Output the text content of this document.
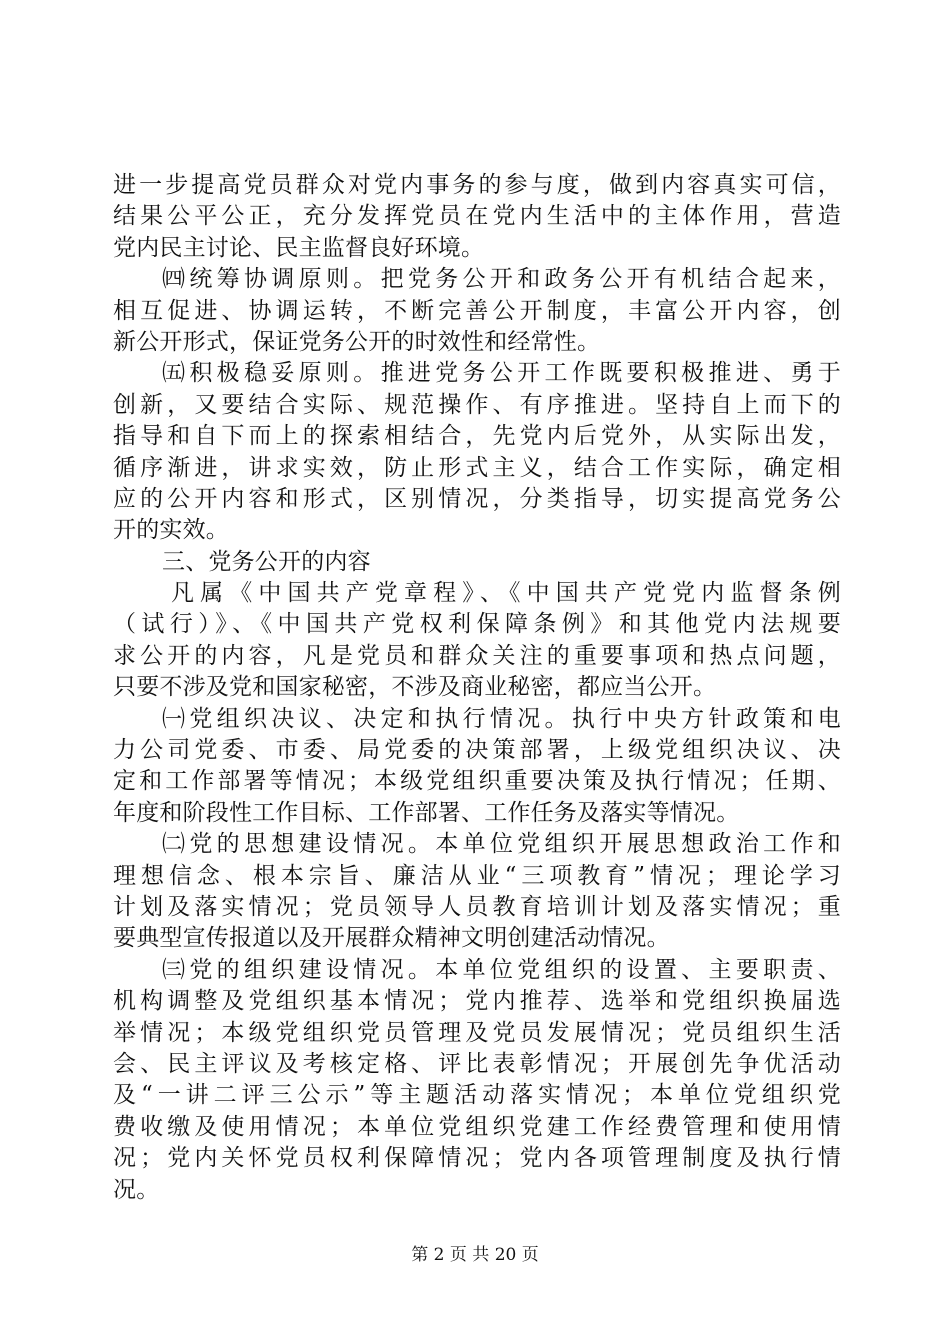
进一步提高党员群众对党内事务的参与度，做到内容真实可信，
结果公平公正，充分发挥党员在党内生活中的主体作用，营造
党内民主讨论、民主监督良好环境。
㈣统筹协调原则。把党务公开和政务公开有机结合起来，
相互促进、协调运转，不断完善公开制度，丰富公开内容，创
新公开形式，保证党务公开的时效性和经常性。
㈤积极稳妥原则。推进党务公开工作既要积极推进、勇于
创新，又要结合实际、规范操作、有序推进。坚持自上而下的
指导和自下而上的探索相结合，先党内后党外，从实际出发，
循序渐进，讲求实效，防止形式主义，结合工作实际，确定相
应的公开内容和形式，区别情况，分类指导，切实提高党务公
开的实效。
三、党务公开的内容
凡属《中国共产党章程》、《中国共产党党内监督条例
（试行）》、《中国共产党权利保障条例》和其他党内法规要
求公开的内容，凡是党员和群众关注的重要事项和热点问题，
只要不涉及党和国家秘密，不涉及商业秘密，都应当公开。
㈠党组织决议、决定和执行情况。执行中央方针政策和电
力公司党委、市委、局党委的决策部署，上级党组织决议、决
定和工作部署等情况；本级党组织重要决策及执行情况；任期、
年度和阶段性工作目标、工作部署、工作任务及落实等情况。
㈡党的思想建设情况。本单位党组织开展思想政治工作和
理想信念、根本宗旨、廉洁从业“三项教育”情况；理论学习
计划及落实情况；党员领导人员教育培训计划及落实情况；重
要典型宣传报道以及开展群众精神文明创建活动情况。
㈢党的组织建设情况。本单位党组织的设置、主要职责、
机构调整及党组织基本情况；党内推荐、选举和党组织换届选
举情况；本级党组织党员管理及党员发展情况；党员组织生活
会、民主评议及考核定格、评比表彰情况；开展创先争优活动
及“一讲二评三公示”等主题活动落实情况；本单位党组织党
费收缴及使用情况；本单位党组织党建工作经费管理和使用情
况；党内关怀党员权利保障情况；党内各项管理制度及执行情
况。
第 2 页 共 20 页
